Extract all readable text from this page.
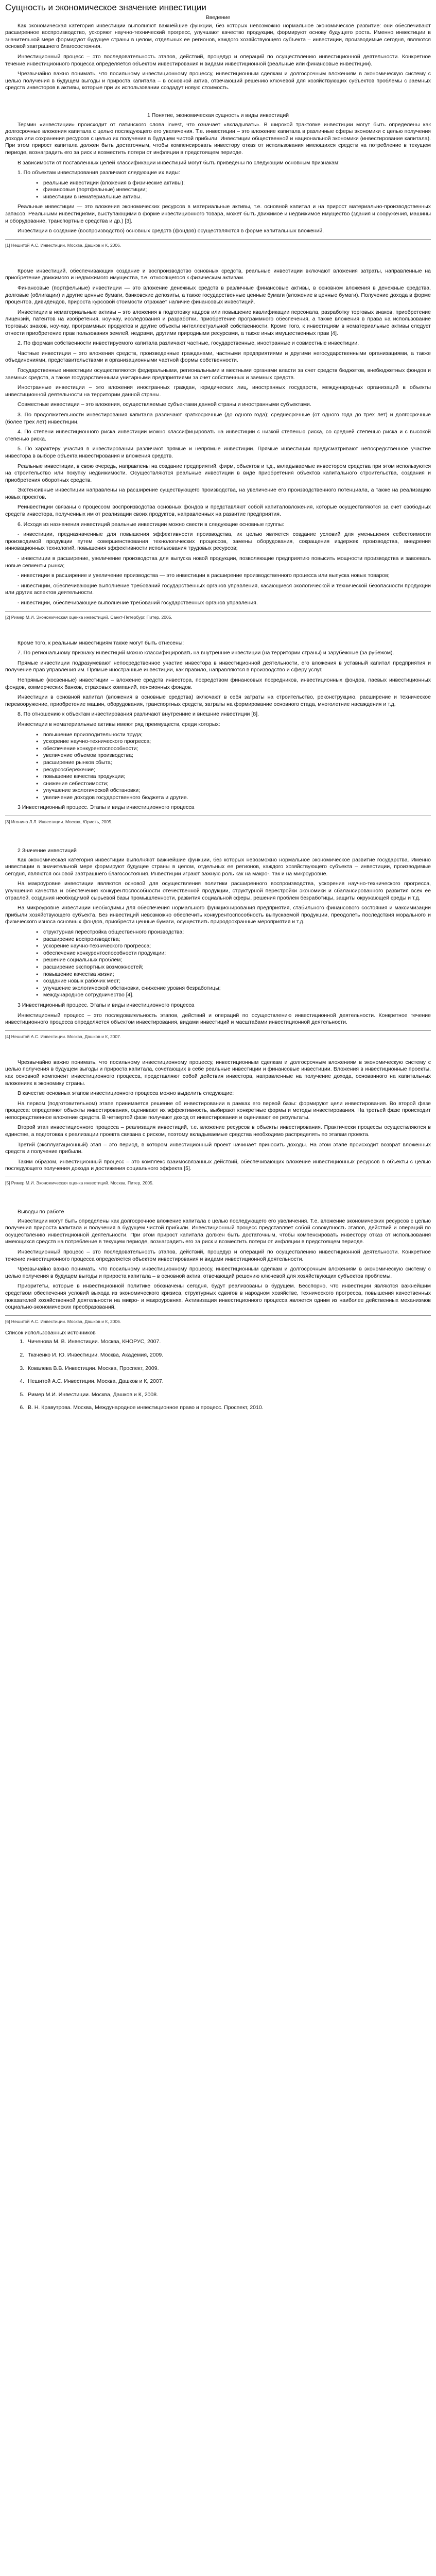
Сущность и экономическое значение инвестиции
Введение

Как экономическая категория инвестиции выполняют важнейшие функции, без которых невозможно нормальное экономическое развитие: они обеспечивают расширенное воспроизводство, ускоряют научно-технический прогресс, улучшают качество продукции, формируют основу будущего роста. Именно инвестиции в значительной мере формируют будущее страны в целом, отдельных ее регионов, каждого хозяйствующего субъекта – инвестиции, производимые сегодня, являются основой завтрашнего благосостояния.

Инвестиционный процесс – это последовательность этапов, действий, процедур и операций по осуществлению инвестиционной деятельности. Конкретное течение инвестиционного процесса определяется объектом инвестирования и видами инвестиционной (реальные или финансовые инвестиции).

Чрезвычайно важно понимать, что посильному инвестиционному процессу, инвестиционным сделкам и долгосрочным вложениям в экономическую систему с целью получения в будущем выгоды и прироста капитала – в основной актив, отвечающий решению ключевой для хозяйствующих субъектов проблемы с заемных средств инвесторов в активы, которые при их использовании создадут новую стоимость.

1 Понятие, экономическая сущность и виды инвестиций

Термин «инвестиции» происходит от латинского слова invest, что означает «вкладывать». В широкой трактовке инвестиции могут быть определены как долгосрочные вложения капитала с целью последующего его увеличения. Т.е. инвестиции – это вложение капитала в различные сферы экономики с целью получения дохода или сохранения ресурсов с целью их получения в будущем чистой прибыли. Инвестиции общественной и национальной экономики (инвестирование капитала). При этом прирост капитала должен быть достаточным, чтобы компенсировать инвестору отказ от использования имеющихся средств на потребление в текущем периоде, вознаградить его за риск и возместить потери от инфляции в предстоящем периоде.

В зависимости от поставленных целей классификации инвестиций могут быть приведены по следующим основным признакам:

1. По объектам инвестирования различают следующие их виды:

● реальные инвестиции (вложения в физические активы);
● финансовые (портфельные) инвестиции;
● инвестиции в нематериальные активы.

Реальные инвестиции — это вложения экономических ресурсов в материальные активы, т.е. основной капитал и на прирост материально-производственных запасов. Реальными инвестициями, выступающими в форме инвестиционного товара, может быть движимое и недвижимое имущество (здания и сооружения, машины и оборудование, транспортные средства и др.) [3].

Инвестиции в создание (воспроизводство) основных средств (фондов) осуществляются в форме капитальных вложений.

[1] Нешитой А.С. Инвестиции. Москва, Дашков и К, 2006.

Кроме инвестиций, обеспечивающих создание и воспроизводство основных средств, реальные инвестиции включают вложения затраты, направленные на приобретение движимого и недвижимого имущества, т.е. относящегося к физическим активам.

Финансовые (портфельные) инвестиции — это вложение денежных средств в различные финансовые активы, в основном вложения в денежные средства, долговые (облигации) и другие ценные бумаги, банковские депозиты, а также государственные ценные бумаги (вложение в ценные бумаги). Получение дохода в форме процентов, дивидендов, прироста курсовой стоимости отражает наличие финансовых инвестиций.

Инвестиции в нематериальные активы – это вложения в подготовку кадров или повышение квалификации персонала, разработку торговых знаков, приобретение лицензий, патентов на изобретения, ноу-хау, исследования и разработки, приобретение программного обеспечения, а также вложения в права на использование торговых знаков, ноу-хау, программных продуктов и другие объекты интеллектуальной собственности. Кроме того, к инвестициям в нематериальные активы следует отнести приобретение прав пользования землей, недрами, другими природными ресурсами, а также иных имущественных прав [4].

2. По формам собственности инвестируемого капитала различают частные, государственные, иностранные и совместные инвестиции.

Частные инвестиции – это вложения средств, произведенные гражданами, частными предприятиями и другими негосударственными организациями, а также объединениями, представительствами и организационными частной формы собственности.

Государственные инвестиции осуществляются федеральными, региональными и местными органами власти за счет средств бюджетов, внебюджетных фондов и заемных средств, а также государственными унитарными предприятиями за счет собственных и заемных средств.

Иностранные инвестиции – это вложения иностранных граждан, юридических лиц, иностранных государств, международных организаций в объекты инвестиционной деятельности на территории данной страны.

Совместные инвестиции – это вложения, осуществляемые субъектами данной страны и иностранными субъектами.

3. По продолжительности инвестирования капитала различают краткосрочные (до одного года); среднесрочные (от одного года до трех лет) и долгосрочные (более трех лет) инвестиции.

4. По степени инвестиционного риска инвестиции можно классифицировать на инвестиции с низкой степенью риска, со средней степенью риска и с высокой степенью риска.

5. По характеру участия в инвестировании различают прямые и непрямые инвестиции. Прямые инвестиции предусматривают непосредственное участие инвестора в выборе объекта инвестирования и вложения средств.

Реальные инвестиции, в свою очередь, направлены на создание предприятий, фирм, объектов и т.д., вкладываемые инвестором средства при этом используются на строительство или покупку недвижимости. Осуществляются реальные инвестиции в виде приобретения объектов капитального строительства, создания и приобретения оборотных средств.

Экстенсивные инвестиции направлены на расширение существующего производства, на увеличение его производственного потенциала, а также на реализацию новых проектов.

Реинвестиции связаны с процессом воспроизводства основных фондов и представляют собой капиталовложения, которые осуществляются за счет свободных средств инвестора, полученных им от реализации своих продуктов, направленных на развитие предприятия.

6. Исходя из назначения инвестиций реальные инвестиции можно свести в следующие основные группы:

- инвестиции, предназначенные для повышения эффективности производства, их целью является создание условий для уменьшения себестоимости производимой продукции путем совершенствования технологических процессов, замены оборудования, сокращения издержек производства, внедрения инновационных технологий, повышения эффективности использования трудовых ресурсов;

- инвестиции в расширение, увеличение производства для выпуска новой продукции, позволяющие предприятию повысить мощности производства и завоевать новые сегменты рынка;

- инвестиции в расширение и увеличение производства — это инвестиции в расширение производственного процесса или выпуска новых товаров;

- инвестиции, обеспечивающие выполнение требований государственных органов управления, касающиеся экологической и технической безопасности продукции или других аспектов деятельности.

- инвестиции, обеспечивающие выполнение требований государственных органов управления.

[2] Ример М.И. Экономическая оценка инвестиций. Санкт-Петербург, Питер, 2005.

Кроме того, к реальным инвестициям также могут быть отнесены:

7. По региональному признаку инвестиций можно классифицировать на внутренние инвестиции (на территории страны) и зарубежные (за рубежом).

Прямые инвестиции подразумевают непосредственное участие инвестора в инвестиционной деятельности, его вложения в уставный капитал предприятия и получение прав управления им. Прямые иностранные инвестиции, как правило, направляются в производство и сферу услуг.

Непрямые (косвенные) инвестиции – вложение средств инвестора, посредством финансовых посредников, инвестиционных фондов, паевых инвестиционных фондов, коммерческих банков, страховых компаний, пенсионных фондов.

Инвестиции в основной капитал (вложения в основные средства) включают в себя затраты на строительство, реконструкцию, расширение и техническое перевооружение, приобретение машин, оборудования, транспортных средств, затраты на формирование основного стада, многолетние насаждения и т.д.

8. По отношению к объектам инвестирования различают внутренние и внешние инвестиции [8].

Инвестиции в нематериальные активы имеют ряд преимуществ, среди которых:

● повышение производительности труда;
● ускорение научно-технического прогресса;
● обеспечение конкурентоспособности;
● увеличение объемов производства;
● расширение рынков сбыта;
● ресурсосбережение;
● повышение качества продукции;
● снижение себестоимости;
● улучшение экологической обстановки;
● увеличение доходов государственного бюджета и другие.

3 Инвестиционный процесс. Этапы и виды инвестиционного процесса

[3] Игонина Л.Л. Инвестиции. Москва, Юристъ, 2005.
2 Значение инвестиций

Как экономическая категория инвестиции выполняют важнейшие функции, без которых невозможно нормальное экономическое развитие государства. Именно инвестиции в значительной мере формируют будущее страны в целом, отдельных ее регионов, каждого хозяйствующего субъекта – инвестиции, производимые сегодня, являются основой завтрашнего благосостояния. Инвестиции играют важную роль как на макро-, так и на микроуровне.

На макроуровне инвестиции являются основой для осуществления политики расширенного воспроизводства, ускорения научно-технического прогресса, улучшения качества и обеспечения конкурентоспособности отечественной продукции, структурной перестройки экономики и сбалансированного развития всех ее отраслей, создания необходимой сырьевой базы промышленности, развития социальной сферы, решения проблем безработицы, защиты окружающей среды и т.д.

На микроуровне инвестиции необходимы для обеспечения нормального функционирования предприятия, стабильного финансового состояния и максимизации прибыли хозяйствующего субъекта. Без инвестиций невозможно обеспечить конкурентоспособность выпускаемой продукции, преодолеть последствия морального и физического износа основных фондов, приобрести ценные бумаги, осуществить природоохранные мероприятия и т.д.

● структурная перестройка общественного производства;
● расширение воспроизводства;
● ускорение научно-технического прогресса;
● обеспечение конкурентоспособности продукции;
● решение социальных проблем;
● расширение экспортных возможностей;
● повышение качества жизни;
● создание новых рабочих мест;
● улучшение экологической обстановки, снижение уровня безработицы;
● международное сотрудничество [4].

3 Инвестиционный процесс. Этапы и виды инвестиционного процесса

Инвестиционный процесс – это последовательность этапов, действий и операций по осуществлению инвестиционной деятельности. Конкретное течение инвестиционного процесса определяется объектом инвестирования, видами инвестиций и масштабами инвестиционной деятельности.

[4] Нешитой А.С. Инвестиции. Москва, Дашков и К, 2007.

Чрезвычайно важно понимать, что посильному инвестиционному процессу, инвестиционным сделкам и долгосрочным вложениям в экономическую систему с целью получения в будущем выгоды и прироста капитала, сочетающих в себе реальные инвестиции и финансовые инвестиции. Вложения в инвестиционные проекты, как основной компонент инвестиционного процесса, представляют собой действия инвестора, направленные на получение дохода, основанного на капитальных вложениях в экономику страны.

В качестве основных этапов инвестиционного процесса можно выделить следующие:

На первом (подготовительном) этапе принимается решение об инвестировании в рамках его первой базы: формируют цели инвестирования. Во второй фазе процесса: определяют объекты инвестирования, оценивают их эффективность, выбирают конкретные формы и методы инвестирования. На третьей фазе происходит непосредственное вложение средств. В четвертой фазе получают доход от инвестирования и оценивают ее результаты.

Второй этап инвестиционного процесса – реализация инвестиций, т.е. вложение ресурсов в объекты инвестирования. Практически процессы осуществляются в единстве, а подготовка к реализации проекта связана с риском, поэтому вкладываемые средства необходимо распределять по этапам проекта.

Третий (эксплуатационный) этап – это период, в котором инвестиционный проект начинает приносить доходы. На этом этапе происходит возврат вложенных средств и получение прибыли.

Таким образом, инвестиционный процесс – это комплекс взаимосвязанных действий, обеспечивающих вложение инвестиционных ресурсов в объекты с целью последующего получения дохода и достижения социального эффекта [5].

[5] Ример М.И. Экономическая оценка инвестиций. Москва, Питер, 2005.
Выводы по работе

Инвестиции могут быть определены как долгосрочное вложение капитала с целью последующего его увеличения. Т.е. вложение экономических ресурсов с целью получения прироста капитала и получения в будущем чистой прибыли. Инвестиционный процесс представляет собой совокупность этапов, действий и операций по осуществлению инвестиционной деятельности. При этом прирост капитала должен быть достаточным, чтобы компенсировать инвестору отказ от использования имеющихся средств на потребление в текущем периоде, вознаградить его за риск и возместить потери от инфляции в предстоящем периоде.

Инвестиционный процесс – это последовательность этапов, действий, процедур и операций по осуществлению инвестиционной деятельности. Конкретное течение инвестиционного процесса определяется объектом инвестирования и видами инвестиционной деятельности.

Чрезвычайно важно понимать, что посильному инвестиционному процессу, инвестиционным сделкам и долгосрочным вложениям в экономическую систему с целью получения в будущем выгоды и прироста капитала – в основной актив, отвечающий решению ключевой для хозяйствующих субъектов проблемы.

Приоритеты, которые в инвестиционной политике обозначены сегодня, будут реализованы в будущем. Бесспорно, что инвестиции являются важнейшим средством обеспечения условий выхода из экономического кризиса, структурных сдвигов в народном хозяйстве, технического прогресса, повышения качественных показателей хозяйственной деятельности на микро- и макроуровнях. Активизация инвестиционного процесса является одним из наиболее действенных механизмов социально-экономических преобразований.

[6] Нешитой А.С. Инвестиции. Москва, Дашков и К, 2006.
Список использованных источников
1. Чиченова М. В. Инвестиции. Москва, КНОРУС, 2007.
2. Ткаченко И. Ю. Инвестиции. Москва, Академия, 2009.
3. Ковалева В.В. Инвестиции. Москва, Проспект, 2009.
4. Нешитой А.С. Инвестиции. Москва, Дашков и К, 2007.
5. Ример М.И. Инвестиции. Москва, Дашков и К, 2008.
6. В. Н. Кравутрова. Москва, Международное инвестиционное право и процесс. Проспект, 2010.
